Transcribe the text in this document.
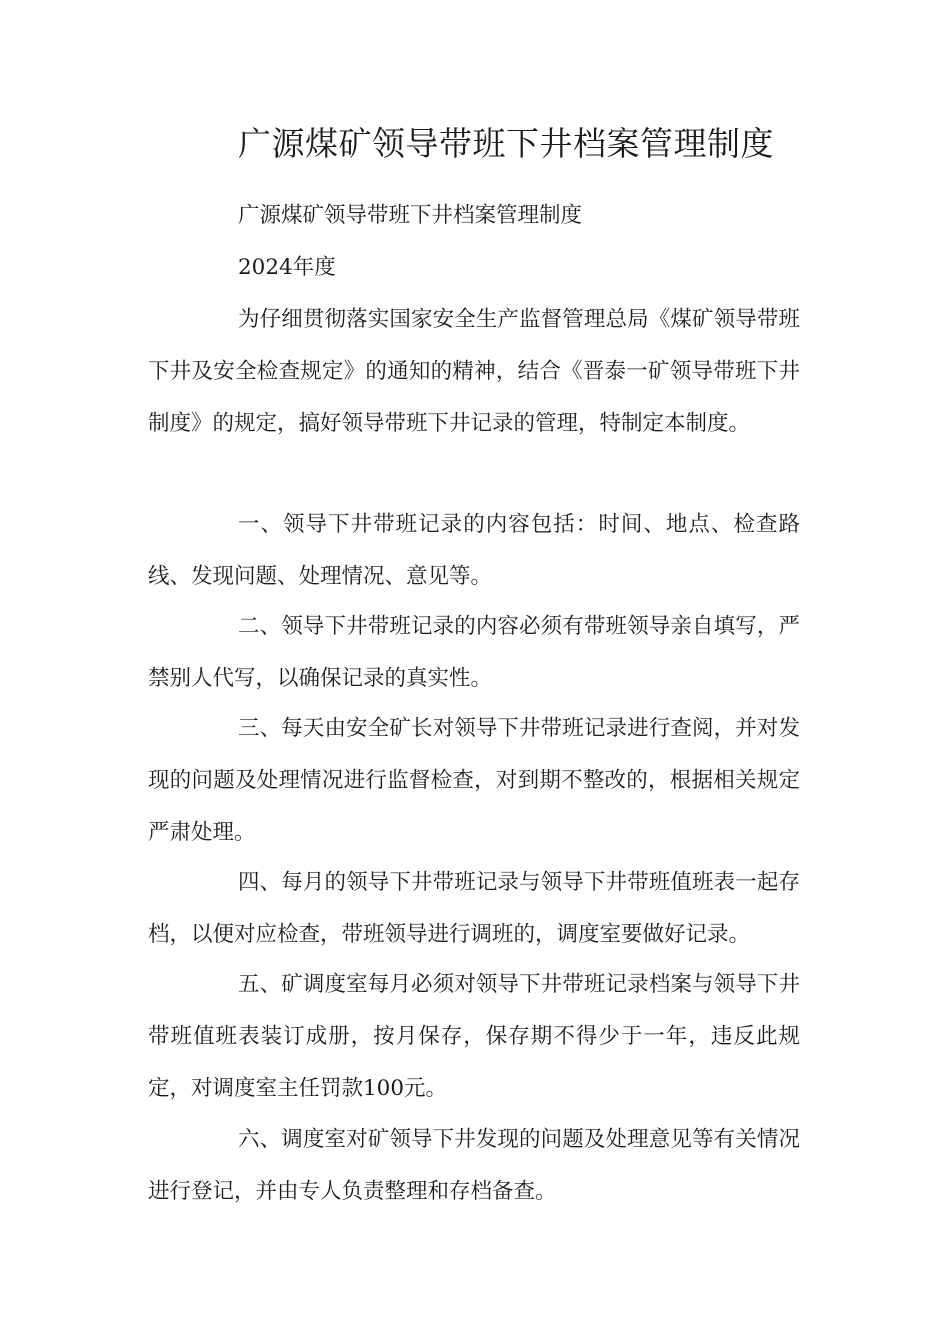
广源煤矿领导带班下井档案管理制度

广源煤矿领导带班下井档案管理制度

2024年度

为仔细贯彻落实国家安全生产监督管理总局《煤矿领导带班下井及安全检查规定》的通知的精神，结合《晋泰一矿领导带班下井制度》的规定，搞好领导带班下井记录的管理，特制定本制度。

一、领导下井带班记录的内容包括：时间、地点、检查路线、发现问题、处理情况、意见等。

二、领导下井带班记录的内容必须有带班领导亲自填写，严禁别人代写，以确保记录的真实性。

三、每天由安全矿长对领导下井带班记录进行查阅，并对发现的问题及处理情况进行监督检查，对到期不整改的，根据相关规定严肃处理。

四、每月的领导下井带班记录与领导下井带班值班表一起存档，以便对应检查，带班领导进行调班的，调度室要做好记录。

五、矿调度室每月必须对领导下井带班记录档案与领导下井带班值班表装订成册，按月保存，保存期不得少于一年，违反此规定，对调度室主任罚款100元。

六、调度室对矿领导下井发现的问题及处理意见等有关情况进行登记，并由专人负责整理和存档备查。
